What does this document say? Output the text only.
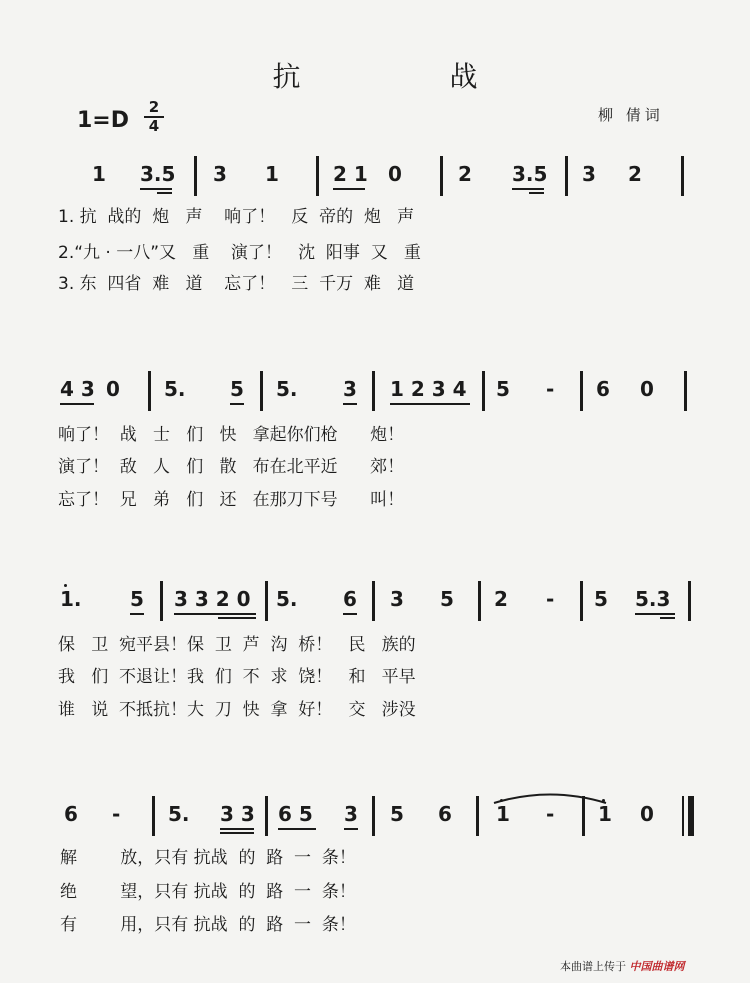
抗 战
1=D
2
4
柳 倩词
1 3.5 3 1	2 1 0	2 3.5 3 2
1. 抗  战的  炮   声    响了！   反  帝的  炮   声
2.“九 · 一八”又   重    演了！   沈  阳事  又   重
3. 东  四省  难   道    忘了！   三  千万  难   道
4 3 0 5. 5 5. 3 1 2 3 4 5 - 6 0
响了！  战   士   们   快   拿起你们枪      炮！
演了！  敌   人   们   散   布在北平近      郊！
忘了！  兄   弟   们   还   在那刀下号      叫！
1. 5 3 3 2 0 5. 6 3 5 2 - 5 5.3
保   卫  宛平县！保  卫  芦  沟  桥！   民   族的
我   们  不退让！我  们  不  求  饶！   和   平早
谁   说  不抵抗！大  刀  快  拿  好！   交   涉没
6 - 5. 3 3 6 5 3 5 6 1 - 1 0
解        放，只有 抗战  的  路  一  条！
绝        望，只有 抗战  的  路  一  条！
有        用，只有 抗战  的  路  一  条！
本曲谱上传于 中国曲谱网
